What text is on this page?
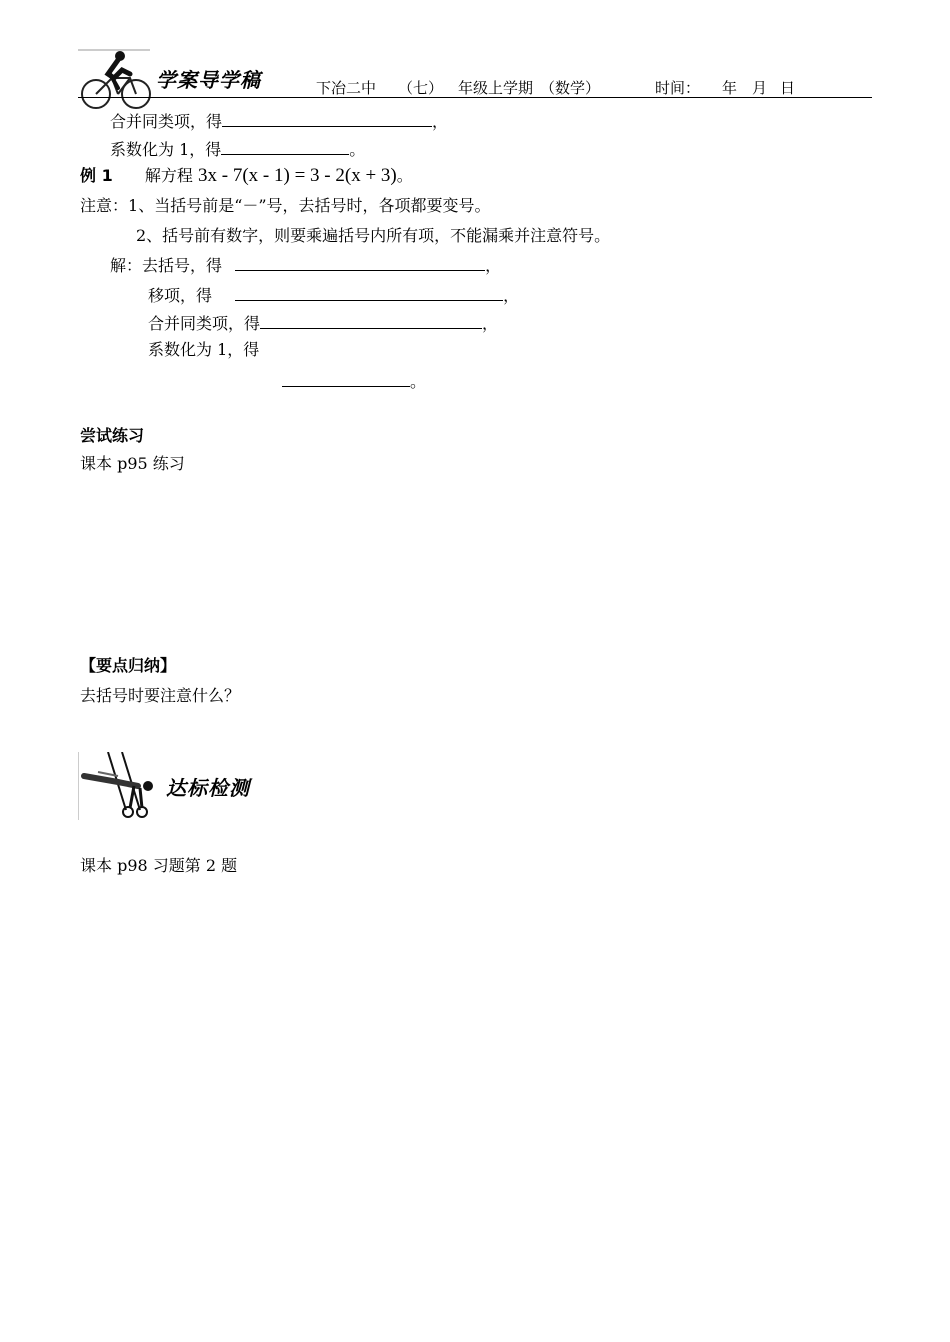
学案导学稿	下冶二中 （七） 年级上学期 （数学）	时间： 年 月 日
合并同类项，得	，
系数化为 1，得	。
例 1 解方程 3x - 7(x - 1) = 3 - 2(x + 3)。
注意：1、当括号前是“－”号，去括号时，各项都要变号。
2、括号前有数字，则要乘遍括号内所有项，不能漏乘并注意符号。
解：去括号，得	，
移项，得	，
合并同类项，得	，
系数化为 1，得
。
尝试练习
课本 p95 练习
【要点归纳】
去括号时要注意什么？
达标检测
课本 p98 习题第 2 题
